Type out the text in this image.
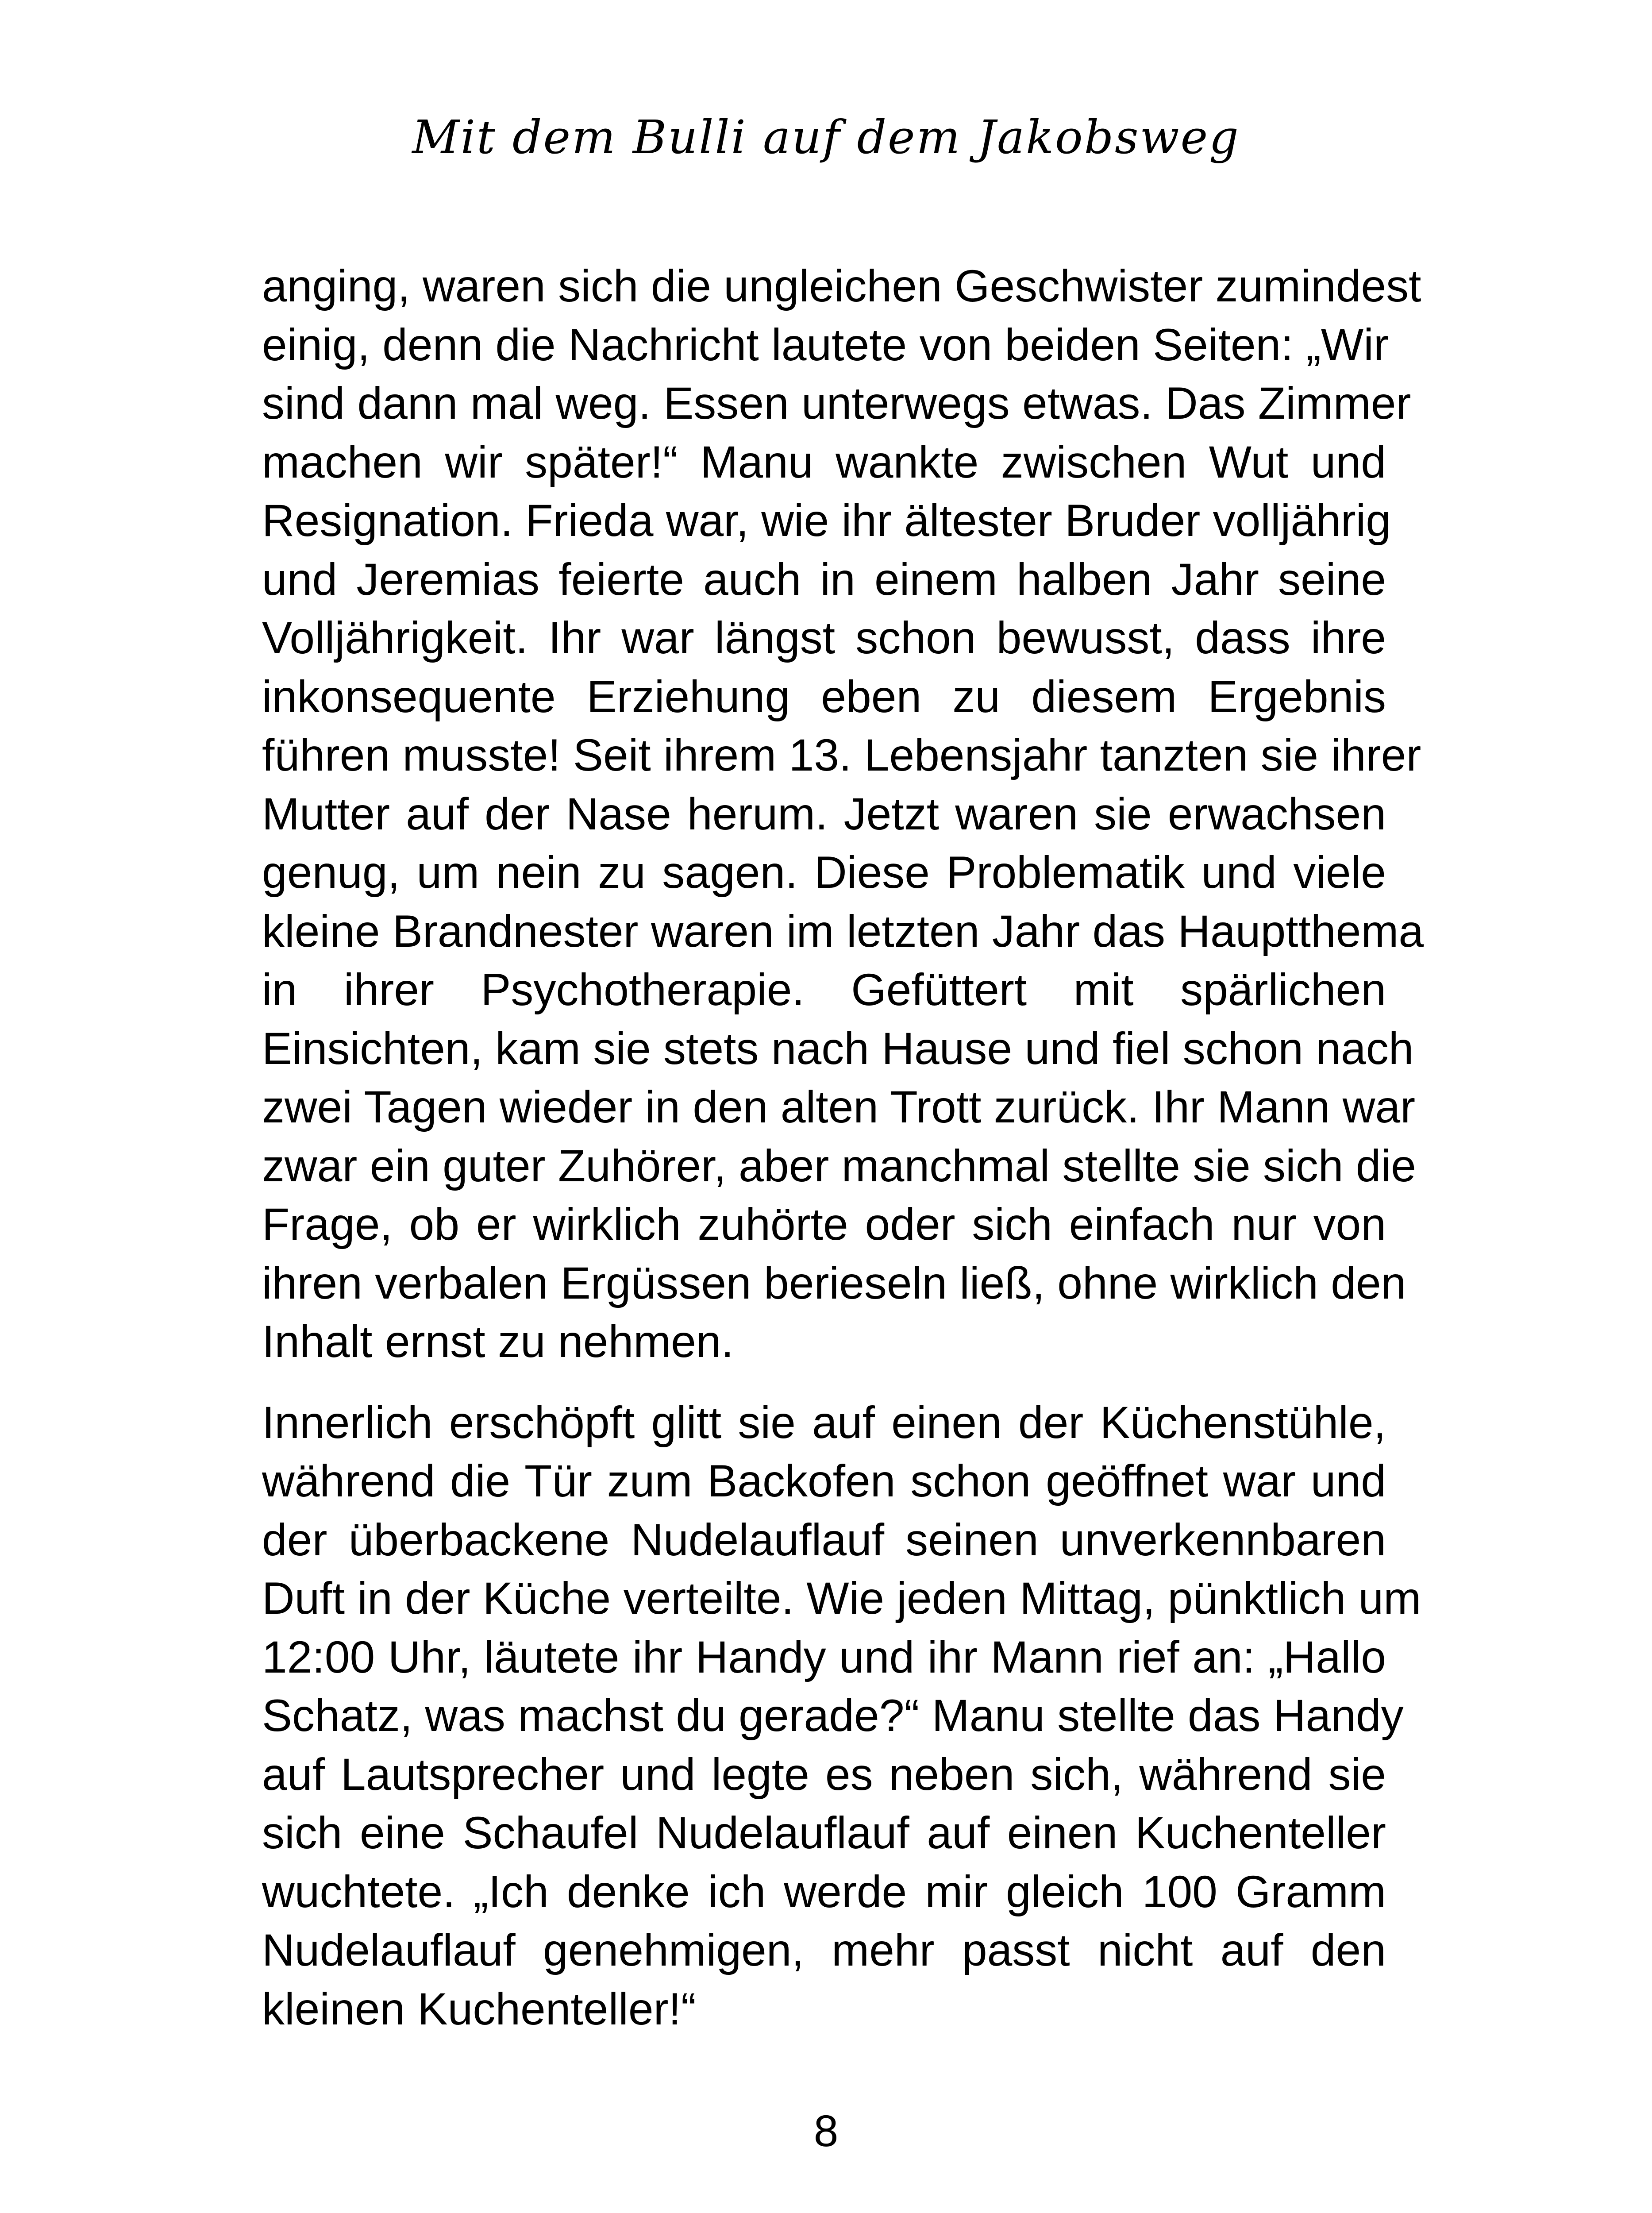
Mit dem Bulli auf dem Jakobsweg
anging, waren sich die ungleichen Geschwister zumindest
einig, denn die Nachricht lautete von beiden Seiten: „Wir
sind dann mal weg. Essen unterwegs etwas. Das Zimmer
machen wir später!“ Manu wankte zwischen Wut und
Resignation. Frieda war, wie ihr ältester Bruder volljährig
und Jeremias feierte auch in einem halben Jahr seine
Volljährigkeit. Ihr war längst schon bewusst, dass ihre
inkonsequente Erziehung eben zu diesem Ergebnis
führen musste! Seit ihrem 13. Lebensjahr tanzten sie ihrer
Mutter auf der Nase herum. Jetzt waren sie erwachsen
genug, um nein zu sagen. Diese Problematik und viele
kleine Brandnester waren im letzten Jahr das Hauptthema
in ihrer Psychotherapie. Gefüttert mit spärlichen
Einsichten, kam sie stets nach Hause und fiel schon nach
zwei Tagen wieder in den alten Trott zurück. Ihr Mann war
zwar ein guter Zuhörer, aber manchmal stellte sie sich die
Frage, ob er wirklich zuhörte oder sich einfach nur von
ihren verbalen Ergüssen berieseln ließ, ohne wirklich den
Inhalt ernst zu nehmen.
Innerlich erschöpft glitt sie auf einen der Küchenstühle,
während die Tür zum Backofen schon geöffnet war und
der überbackene Nudelauflauf seinen unverkennbaren
Duft in der Küche verteilte. Wie jeden Mittag, pünktlich um
12:00 Uhr, läutete ihr Handy und ihr Mann rief an: „Hallo
Schatz, was machst du gerade?“ Manu stellte das Handy
auf Lautsprecher und legte es neben sich, während sie
sich eine Schaufel Nudelauflauf auf einen Kuchenteller
wuchtete. „Ich denke ich werde mir gleich 100 Gramm
Nudelauflauf genehmigen, mehr passt nicht auf den
kleinen Kuchenteller!“
8
